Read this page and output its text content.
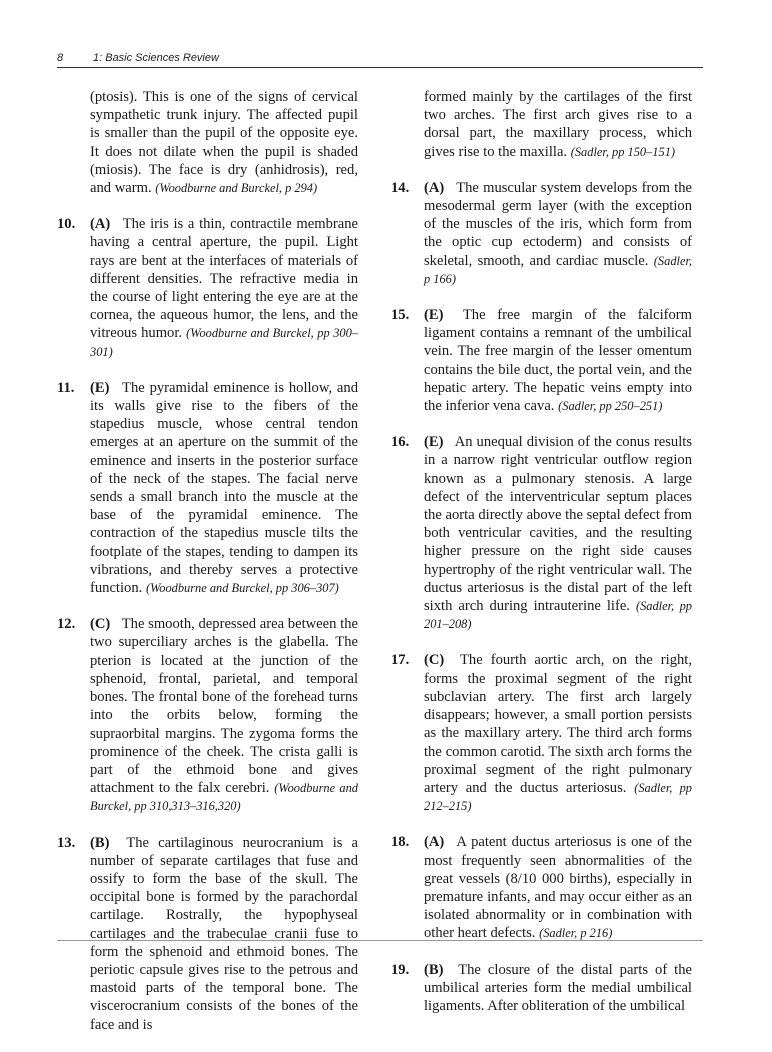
8	1: Basic Sciences Review

(ptosis). This is one of the signs of cervical sympathetic trunk injury. The affected pupil is smaller than the pupil of the opposite eye. It does not dilate when the pupil is shaded (miosis). The face is dry (anhidrosis), red, and warm. (Woodburne and Burckel, p 294)

10. (A) The iris is a thin, contractile membrane having a central aperture, the pupil. Light rays are bent at the interfaces of materials of different densities. The refractive media in the course of light entering the eye are at the cornea, the aqueous humor, the lens, and the vitreous humor. (Woodburne and Burckel, pp 300–301)

11. (E) The pyramidal eminence is hollow, and its walls give rise to the fibers of the stapedius muscle, whose central tendon emerges at an aperture on the summit of the eminence and inserts in the posterior surface of the neck of the stapes. The facial nerve sends a small branch into the muscle at the base of the pyramidal eminence. The contraction of the stapedius muscle tilts the footplate of the stapes, tending to dampen its vibrations, and thereby serves a protective function. (Woodburne and Burckel, pp 306–307)

12. (C) The smooth, depressed area between the two superciliary arches is the glabella. The pterion is located at the junction of the sphenoid, frontal, parietal, and temporal bones. The frontal bone of the forehead turns into the orbits below, forming the supraorbital margins. The zygoma forms the prominence of the cheek. The crista galli is part of the ethmoid bone and gives attachment to the falx cerebri. (Woodburne and Burckel, pp 310,313–316,320)

13. (B) The cartilaginous neurocranium is a number of separate cartilages that fuse and ossify to form the base of the skull. The occipital bone is formed by the parachordal cartilage. Rostrally, the hypophyseal cartilages and the trabeculae cranii fuse to form the sphenoid and ethmoid bones. The periotic capsule gives rise to the petrous and mastoid parts of the temporal bone. The viscerocranium consists of the bones of the face and is

formed mainly by the cartilages of the first two arches. The first arch gives rise to a dorsal part, the maxillary process, which gives rise to the maxilla. (Sadler, pp 150–151)

14. (A) The muscular system develops from the mesodermal germ layer (with the exception of the muscles of the iris, which form from the optic cup ectoderm) and consists of skeletal, smooth, and cardiac muscle. (Sadler, p 166)

15. (E) The free margin of the falciform ligament contains a remnant of the umbilical vein. The free margin of the lesser omentum contains the bile duct, the portal vein, and the hepatic artery. The hepatic veins empty into the inferior vena cava. (Sadler, pp 250–251)

16. (E) An unequal division of the conus results in a narrow right ventricular outflow region known as a pulmonary stenosis. A large defect of the interventricular septum places the aorta directly above the septal defect from both ventricular cavities, and the resulting higher pressure on the right side causes hypertrophy of the right ventricular wall. The ductus arteriosus is the distal part of the left sixth arch during intrauterine life. (Sadler, pp 201–208)

17. (C) The fourth aortic arch, on the right, forms the proximal segment of the right subclavian artery. The first arch largely disappears; however, a small portion persists as the maxillary artery. The third arch forms the common carotid. The sixth arch forms the proximal segment of the right pulmonary artery and the ductus arteriosus. (Sadler, pp 212–215)

18. (A) A patent ductus arteriosus is one of the most frequently seen abnormalities of the great vessels (8/10 000 births), especially in premature infants, and may occur either as an isolated abnormality or in combination with other heart defects. (Sadler, p 216)

19. (B) The closure of the distal parts of the umbilical arteries form the medial umbilical ligaments. After obliteration of the umbilical
